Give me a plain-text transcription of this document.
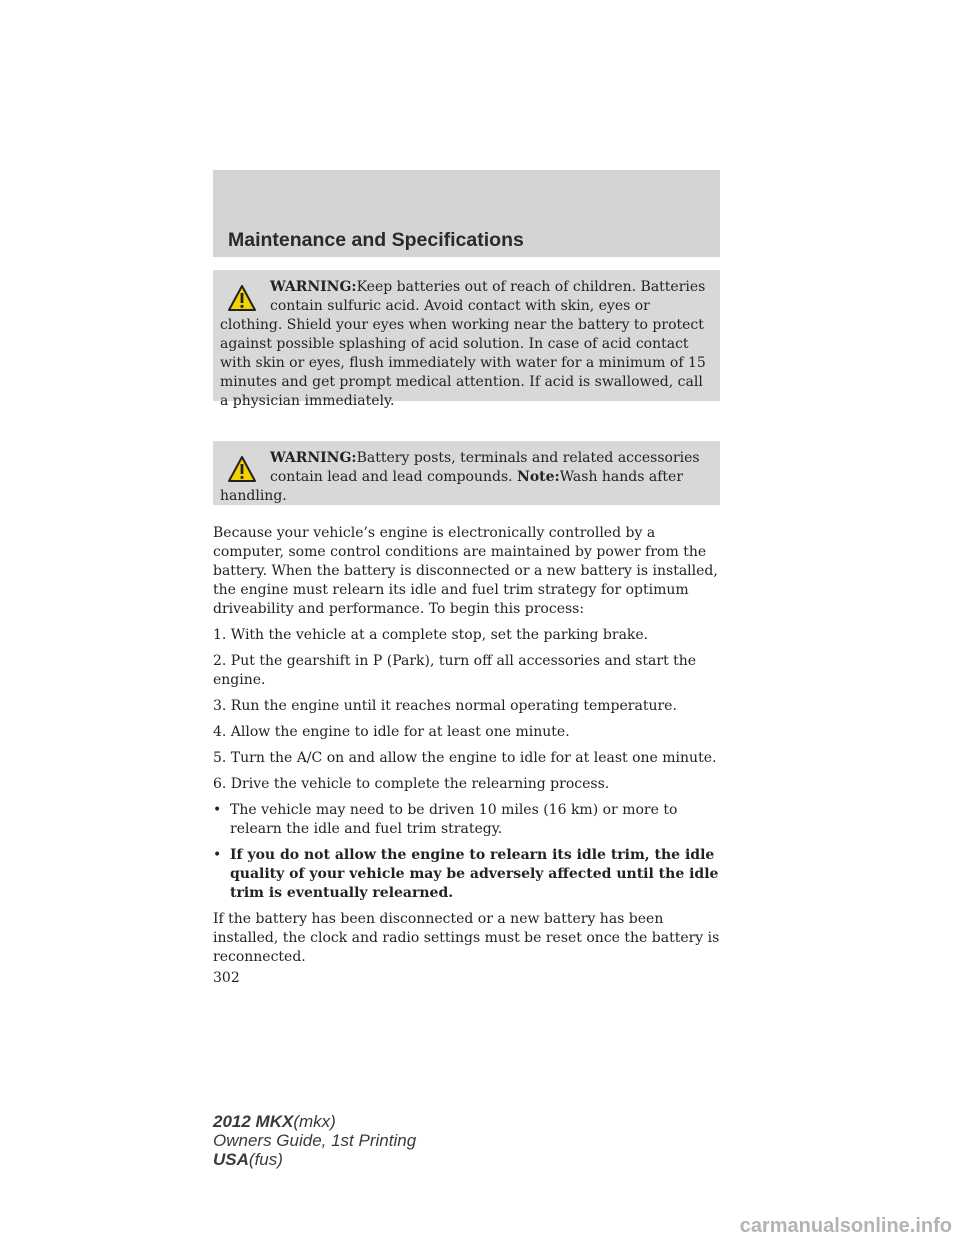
Maintenance and Specifications
WARNING:Keep batteries out of reach of children. Batteries contain sulfuric acid. Avoid contact with skin, eyes or clothing. Shield your eyes when working near the battery to protect against possible splashing of acid solution. In case of acid contact with skin or eyes, flush immediately with water for a minimum of 15 minutes and get prompt medical attention. If acid is swallowed, call a physician immediately.
WARNING:Battery posts, terminals and related accessories contain lead and lead compounds. Note:Wash hands after handling.

Because your vehicle’s engine is electronically controlled by a computer, some control conditions are maintained by power from the battery. When the battery is disconnected or a new battery is installed, the engine must relearn its idle and fuel trim strategy for optimum driveability and performance. To begin this process:

1. With the vehicle at a complete stop, set the parking brake.

2. Put the gearshift in P (Park), turn off all accessories and start the engine.

3. Run the engine until it reaches normal operating temperature.

4. Allow the engine to idle for at least one minute.

5. Turn the A/C on and allow the engine to idle for at least one minute.

6. Drive the vehicle to complete the relearning process.

• The vehicle may need to be driven 10 miles (16 km) or more to relearn the idle and fuel trim strategy.
• If you do not allow the engine to relearn its idle trim, the idle quality of your vehicle may be adversely affected until the idle trim is eventually relearned.

If the battery has been disconnected or a new battery has been installed, the clock and radio settings must be reset once the battery is reconnected.

302

2012 MKX(mkx)
Owners Guide, 1st Printing
USA(fus)
carmanualsonline.info
